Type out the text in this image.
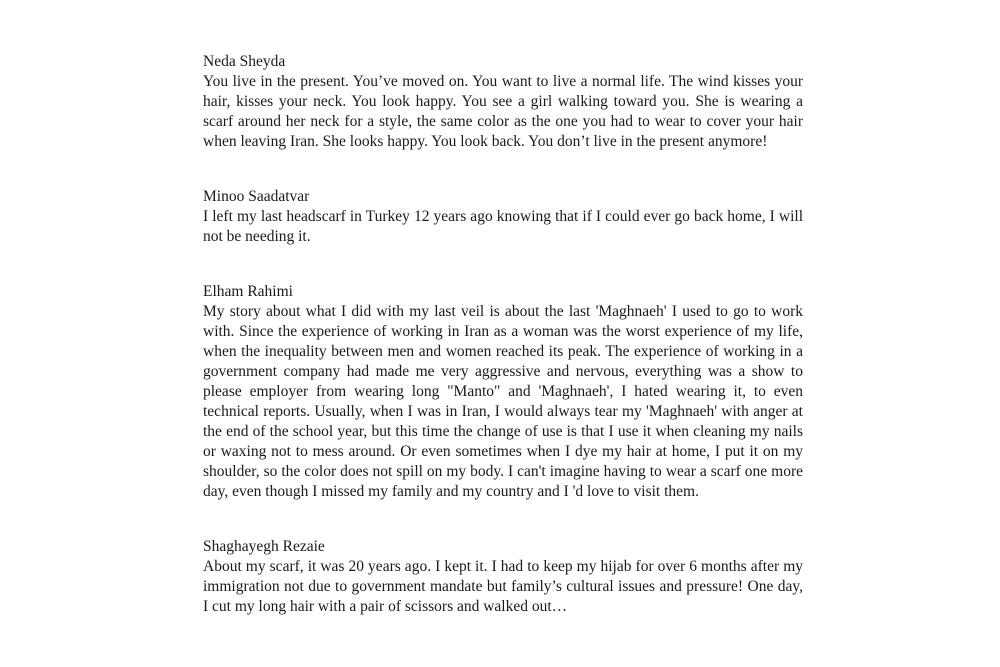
Neda Sheyda

You live in the present. You’ve moved on. You want to live a normal life. The wind kisses your hair, kisses your neck. You look happy. You see a girl walking toward you. She is wearing a scarf around her neck for a style, the same color as the one you had to wear to cover your hair when leaving Iran. She looks happy. You look back. You don’t live in the present anymore!

Minoo Saadatvar

I left my last headscarf in Turkey 12 years ago knowing that if I could ever go back home, I will not be needing it.

Elham Rahimi

My story about what I did with my last veil is about the last 'Maghnaeh' I used to go to work with. Since the experience of working in Iran as a woman was the worst experience of my life, when the inequality between men and women reached its peak. The experience of working in a government company had made me very aggressive and nervous, everything was a show to please employer from wearing long "Manto" and 'Maghnaeh', I hated wearing it, to even technical reports. Usually, when I was in Iran, I would always tear my 'Maghnaeh' with anger at the end of the school year, but this time the change of use is that I use it when cleaning my nails or waxing not to mess around. Or even sometimes when I dye my hair at home, I put it on my shoulder, so the color does not spill on my body. I can't imagine having to wear a scarf one more day, even though I missed my family and my country and I 'd love to visit them.

Shaghayegh Rezaie

About my scarf, it was 20 years ago. I kept it. I had to keep my hijab for over 6 months after my immigration not due to government mandate but family’s cultural issues and pressure! One day, I cut my long hair with a pair of scissors and walked out…
